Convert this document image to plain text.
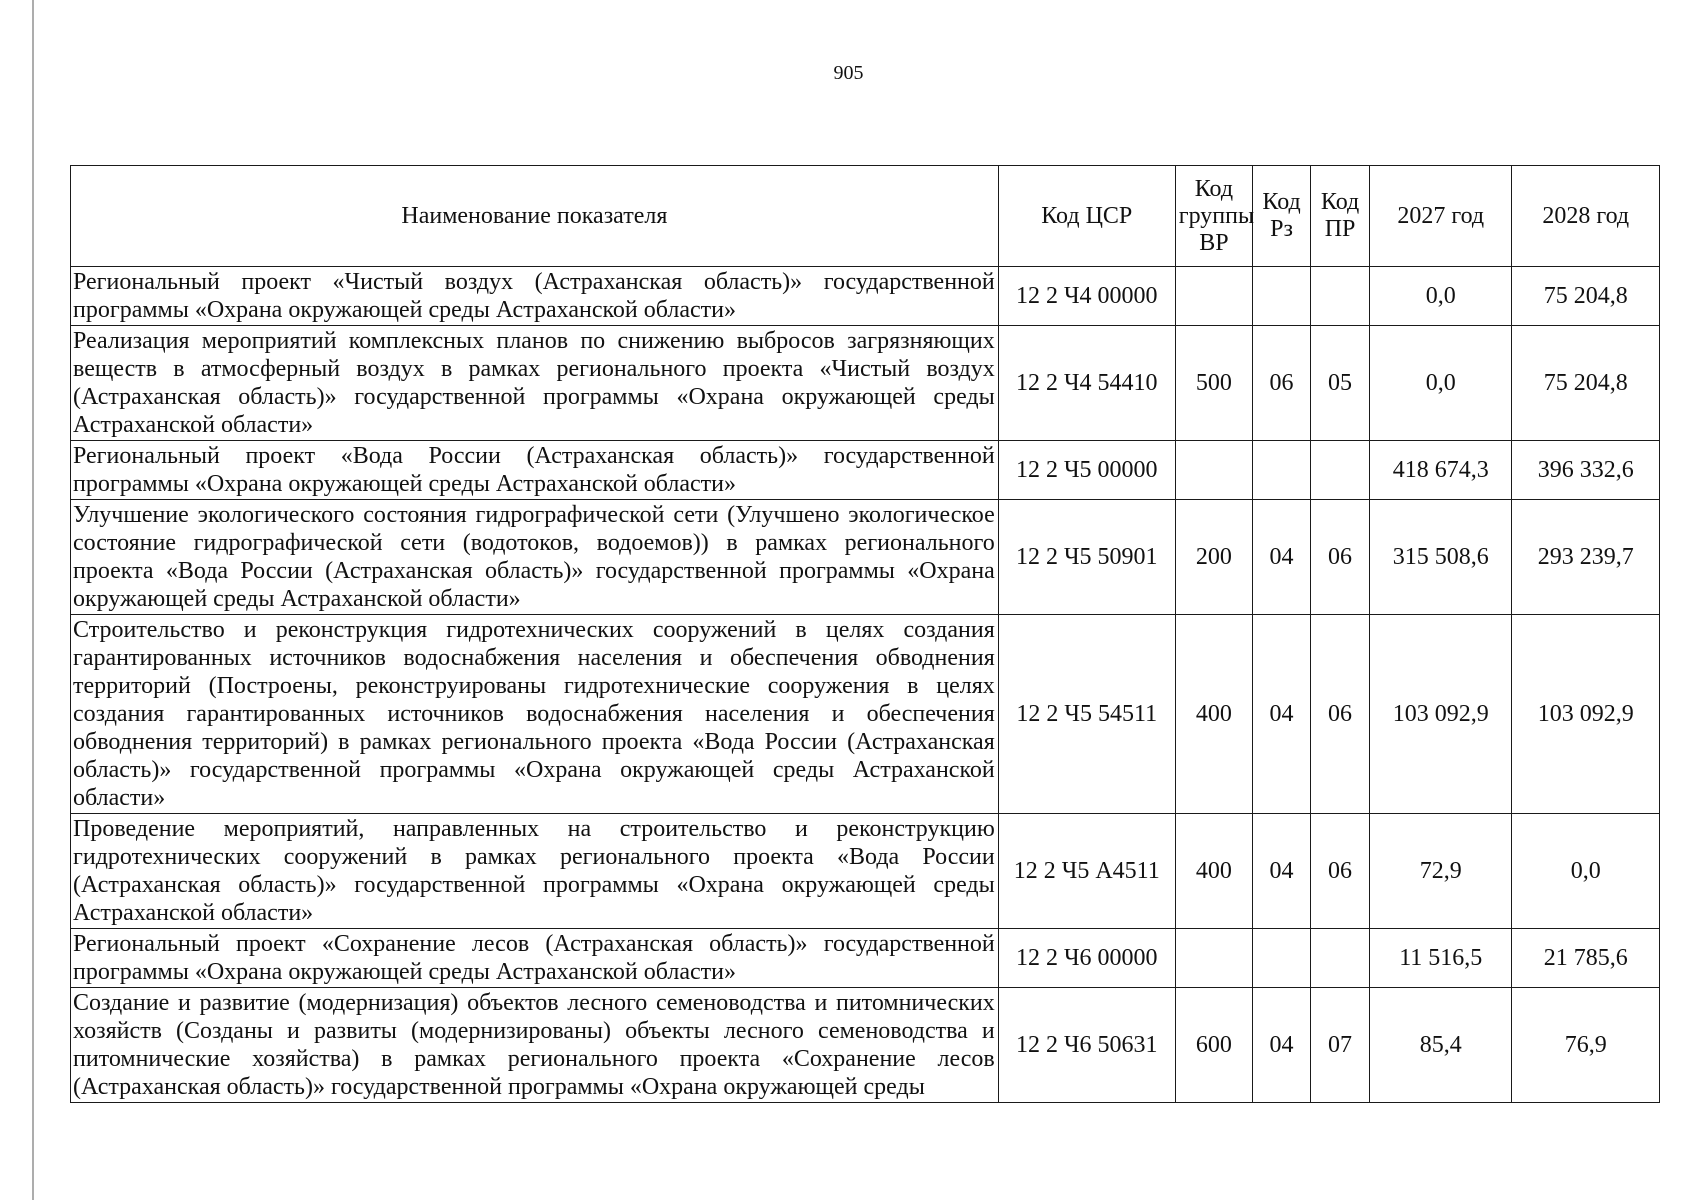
905
Наименование показателя	Код ЦСР	Код группы ВР	Код Рз	Код ПР	2027 год	2028 год
Региональный проект «Чистый воздух (Астраханская область)» государственной программы «Охрана окружающей среды Астраханской области»	12 2 Ч4 00000				0,0	75 204,8
Реализация мероприятий комплексных планов по снижению выбросов загрязняющих веществ в атмосферный воздух в рамках регионального проекта «Чистый воздух (Астраханская область)» государственной программы «Охрана окружающей среды Астраханской области»	12 2 Ч4 54410	500	06	05	0,0	75 204,8
Региональный проект «Вода России (Астраханская область)» государственной программы «Охрана окружающей среды Астраханской области»	12 2 Ч5 00000				418 674,3	396 332,6
Улучшение экологического состояния гидрографической сети (Улучшено экологическое состояние гидрографической сети (водотоков, водоемов)) в рамках регионального проекта «Вода России (Астраханская область)» государственной программы «Охрана окружающей среды Астраханской области»	12 2 Ч5 50901	200	04	06	315 508,6	293 239,7
Строительство и реконструкция гидротехнических сооружений в целях создания гарантированных источников водоснабжения населения и обеспечения обводнения территорий (Построены, реконструированы гидротехнические сооружения в целях создания гарантированных источников водоснабжения населения и обеспечения обводнения территорий) в рамках регионального проекта «Вода России (Астраханская область)» государственной программы «Охрана окружающей среды Астраханской области»	12 2 Ч5 54511	400	04	06	103 092,9	103 092,9
Проведение мероприятий, направленных на строительство и реконструкцию гидротехнических сооружений в рамках регионального проекта «Вода России (Астраханская область)» государственной программы «Охрана окружающей среды Астраханской области»	12 2 Ч5 А4511	400	04	06	72,9	0,0
Региональный проект «Сохранение лесов (Астраханская область)» государственной программы «Охрана окружающей среды Астраханской области»	12 2 Ч6 00000				11 516,5	21 785,6
Создание и развитие (модернизация) объектов лесного семеноводства и питомнических хозяйств (Созданы и развиты (модернизированы) объекты лесного семеноводства и питомнические хозяйства) в рамках регионального проекта «Сохранение лесов (Астраханская область)» государственной программы «Охрана окружающей среды	12 2 Ч6 50631	600	04	07	85,4	76,9
